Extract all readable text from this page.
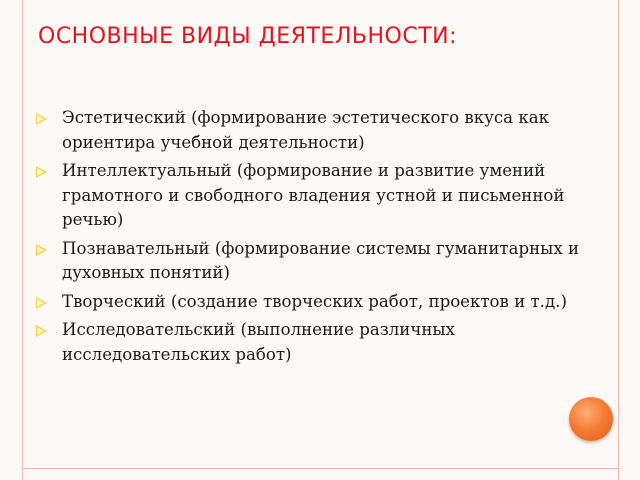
ОСНОВНЫЕ ВИДЫ ДЕЯТЕЛЬНОСТИ:
Эстетический (формирование эстетического вкуса как ориентира учебной деятельности)
Интеллектуальный (формирование и развитие умений грамотного и свободного владения устной и письменной речью)
Познавательный (формирование системы гуманитарных и духовных понятий)
Творческий (создание творческих работ, проектов и т.д.)
Исследовательский (выполнение различных исследовательских работ)
